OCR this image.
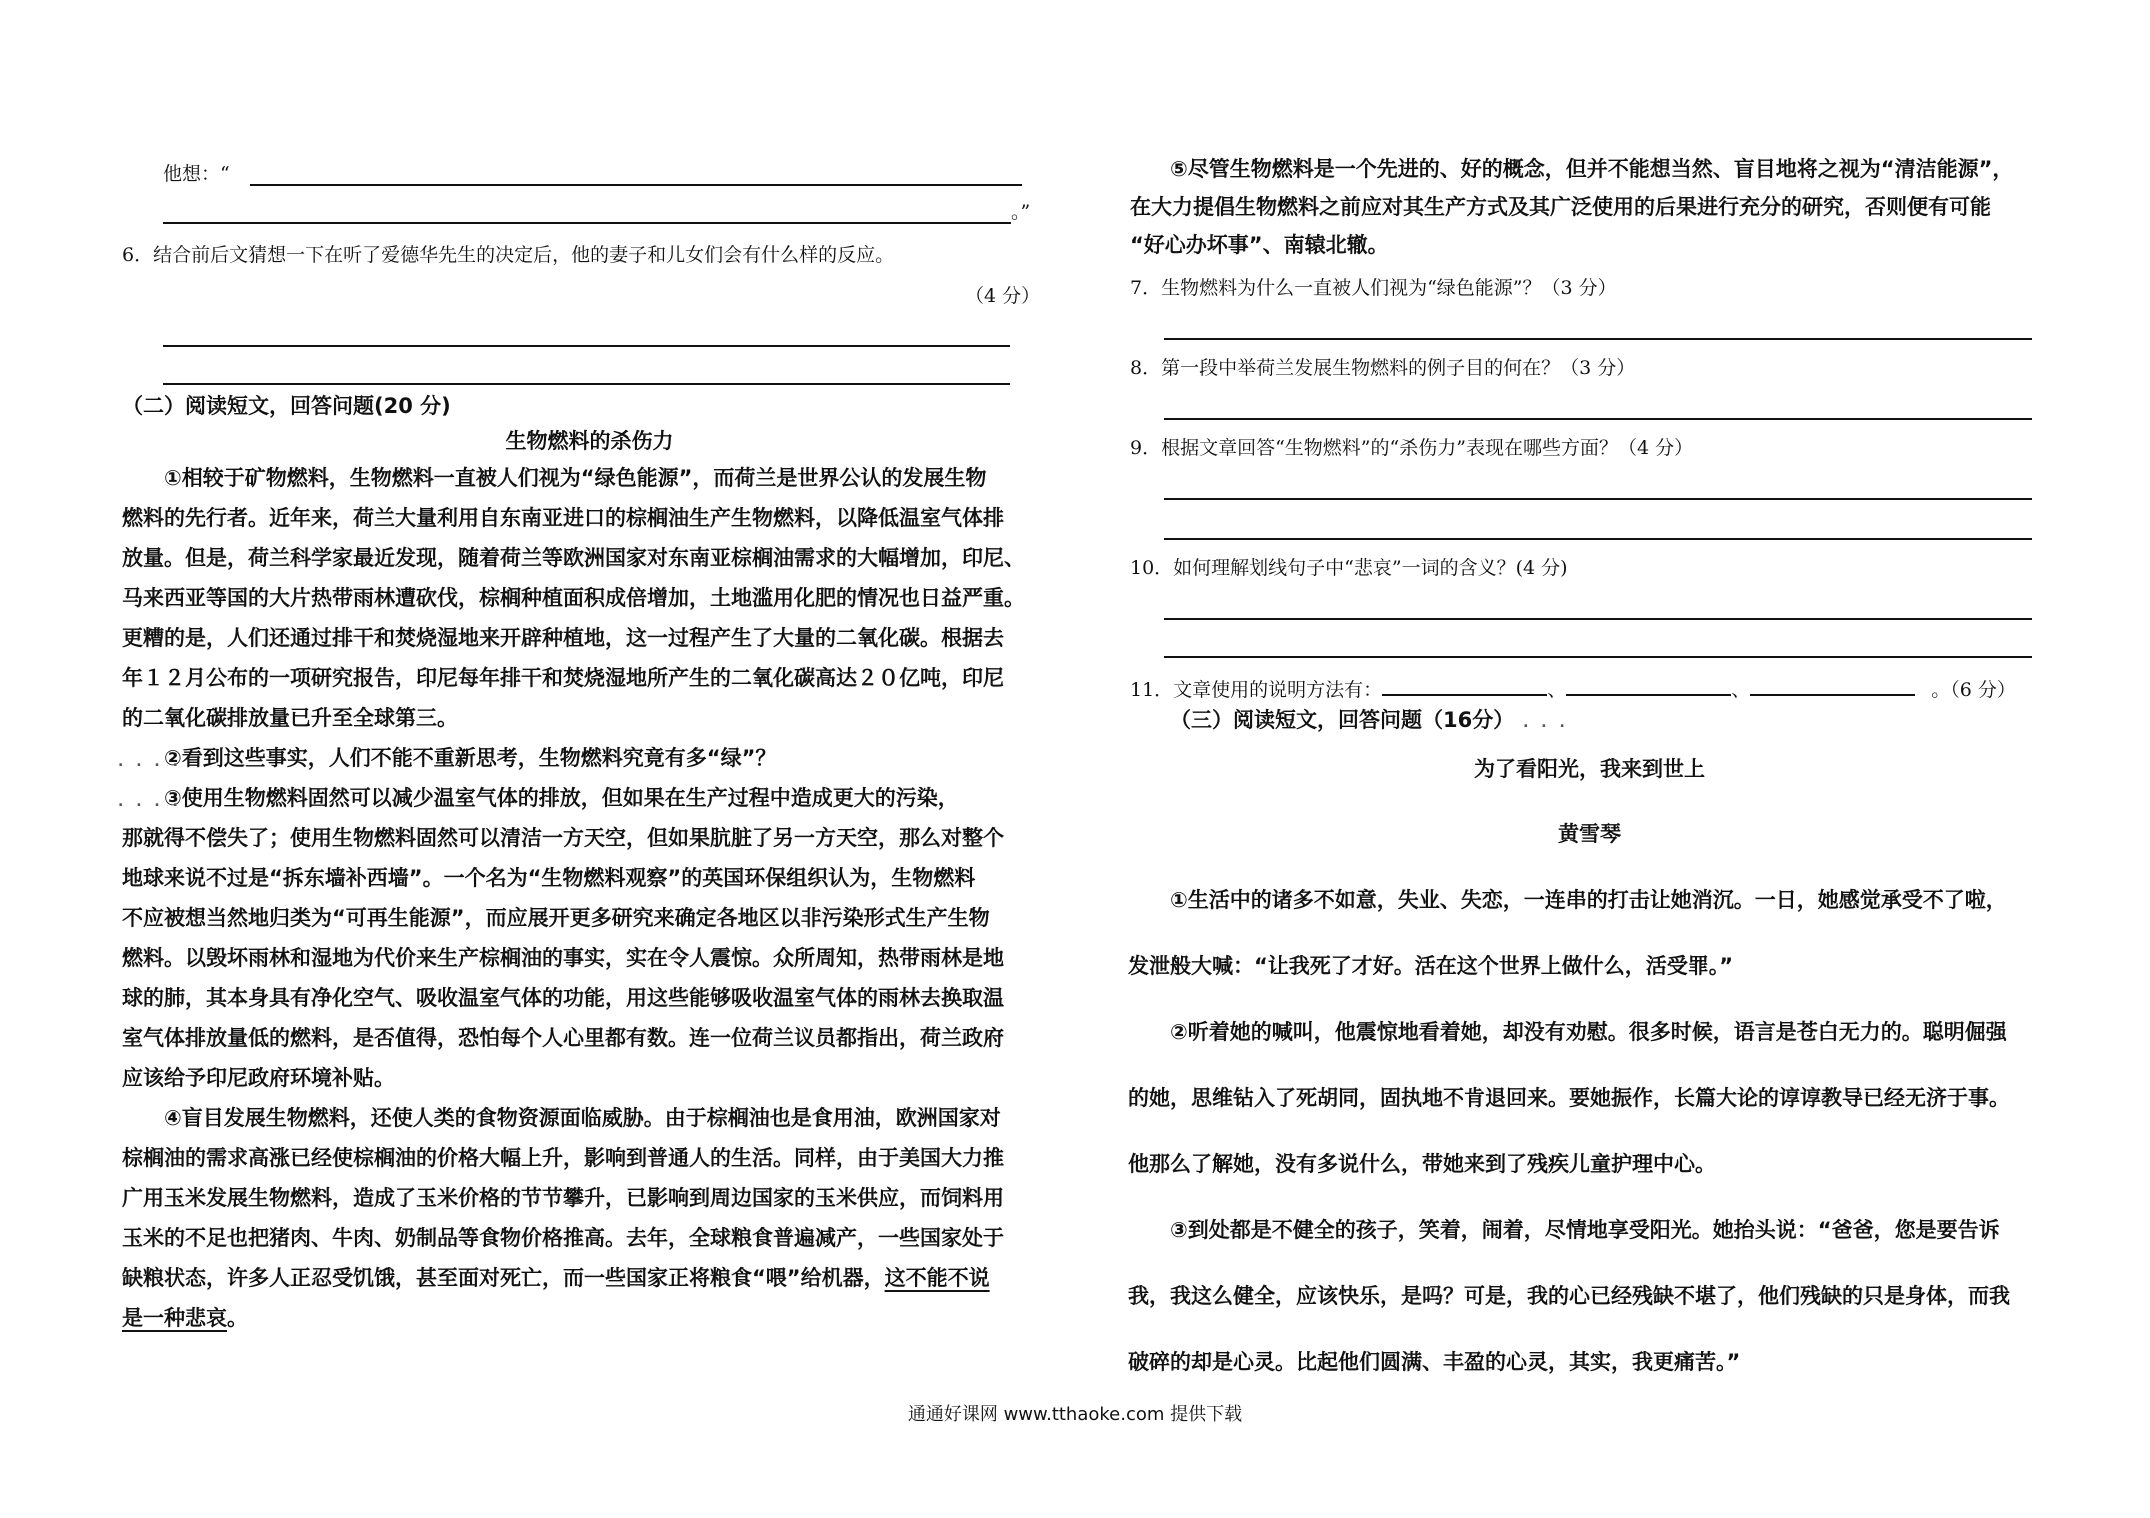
他想：“
。”
6．结合前后文猜想一下在听了爱德华先生的决定后，他的妻子和儿女们会有什么样的反应。
（4 分）
（二）阅读短文，回答问题(20 分)
生物燃料的杀伤力
①相较于矿物燃料，生物燃料一直被人们视为“绿色能源”，而荷兰是世界公认的发展生物
燃料的先行者。近年来，荷兰大量利用自东南亚进口的棕榈油生产生物燃料，以降低温室气体排
放量。但是，荷兰科学家最近发现，随着荷兰等欧洲国家对东南亚棕榈油需求的大幅增加，印尼、
马来西亚等国的大片热带雨林遭砍伐，棕榈种植面积成倍增加，土地滥用化肥的情况也日益严重。
更糟的是，人们还通过排干和焚烧湿地来开辟种植地，这一过程产生了大量的二氧化碳。根据去
年１２月公布的一项研究报告，印尼每年排干和焚烧湿地所产生的二氧化碳高达２０亿吨，印尼
的二氧化碳排放量已升至全球第三。
. . . .
②看到这些事实，人们不能不重新思考，生物燃料究竟有多“绿”？
. . . .
③使用生物燃料固然可以减少温室气体的排放，但如果在生产过程中造成更大的污染，
那就得不偿失了；使用生物燃料固然可以清洁一方天空，但如果肮脏了另一方天空，那么对整个
地球来说不过是“拆东墙补西墙”。一个名为“生物燃料观察”的英国环保组织认为，生物燃料
不应被想当然地归类为“可再生能源”，而应展开更多研究来确定各地区以非污染形式生产生物
燃料。以毁坏雨林和湿地为代价来生产棕榈油的事实，实在令人震惊。众所周知，热带雨林是地
球的肺，其本身具有净化空气、吸收温室气体的功能，用这些能够吸收温室气体的雨林去换取温
室气体排放量低的燃料，是否值得，恐怕每个人心里都有数。连一位荷兰议员都指出，荷兰政府
应该给予印尼政府环境补贴。
④盲目发展生物燃料，还使人类的食物资源面临威胁。由于棕榈油也是食用油，欧洲国家对
棕榈油的需求高涨已经使棕榈油的价格大幅上升，影响到普通人的生活。同样，由于美国大力推
广用玉米发展生物燃料，造成了玉米价格的节节攀升，已影响到周边国家的玉米供应，而饲料用
玉米的不足也把猪肉、牛肉、奶制品等食物价格推高。去年，全球粮食普遍减产，一些国家处于
缺粮状态，许多人正忍受饥饿，甚至面对死亡，而一些国家正将粮食“喂”给机器，这不能不说
是一种悲哀。
⑤尽管生物燃料是一个先进的、好的概念，但并不能想当然、盲目地将之视为“清洁能源”，
在大力提倡生物燃料之前应对其生产方式及其广泛使用的后果进行充分的研究，否则便有可能
“好心办坏事”、南辕北辙。
7．生物燃料为什么一直被人们视为“绿色能源”？（3 分）
8．第一段中举荷兰发展生物燃料的例子目的何在？（3 分）
9．根据文章回答“生物燃料”的“杀伤力”表现在哪些方面？（4 分）
10．如何理解划线句子中“悲哀”一词的含义？(4 分)
11．文章使用的说明方法有：	、	、	。（6 分）
（三）阅读短文，回答问题（16分） . . .
为了看阳光，我来到世上
黄雪琴
①生活中的诸多不如意，失业、失恋，一连串的打击让她消沉。一日，她感觉承受不了啦，
发泄般大喊：“让我死了才好。活在这个世界上做什么，活受罪。”
②听着她的喊叫，他震惊地看着她，却没有劝慰。很多时候，语言是苍白无力的。聪明倔强
的她，思维钻入了死胡同，固执地不肯退回来。要她振作，长篇大论的谆谆教导已经无济于事。
他那么了解她，没有多说什么，带她来到了残疾儿童护理中心。
③到处都是不健全的孩子，笑着，闹着，尽情地享受阳光。她抬头说：“爸爸，您是要告诉
我，我这么健全，应该快乐，是吗？可是，我的心已经残缺不堪了，他们残缺的只是身体，而我
破碎的却是心灵。比起他们圆满、丰盈的心灵，其实，我更痛苦。”
通通好课网 www.tthaoke.com 提供下载
